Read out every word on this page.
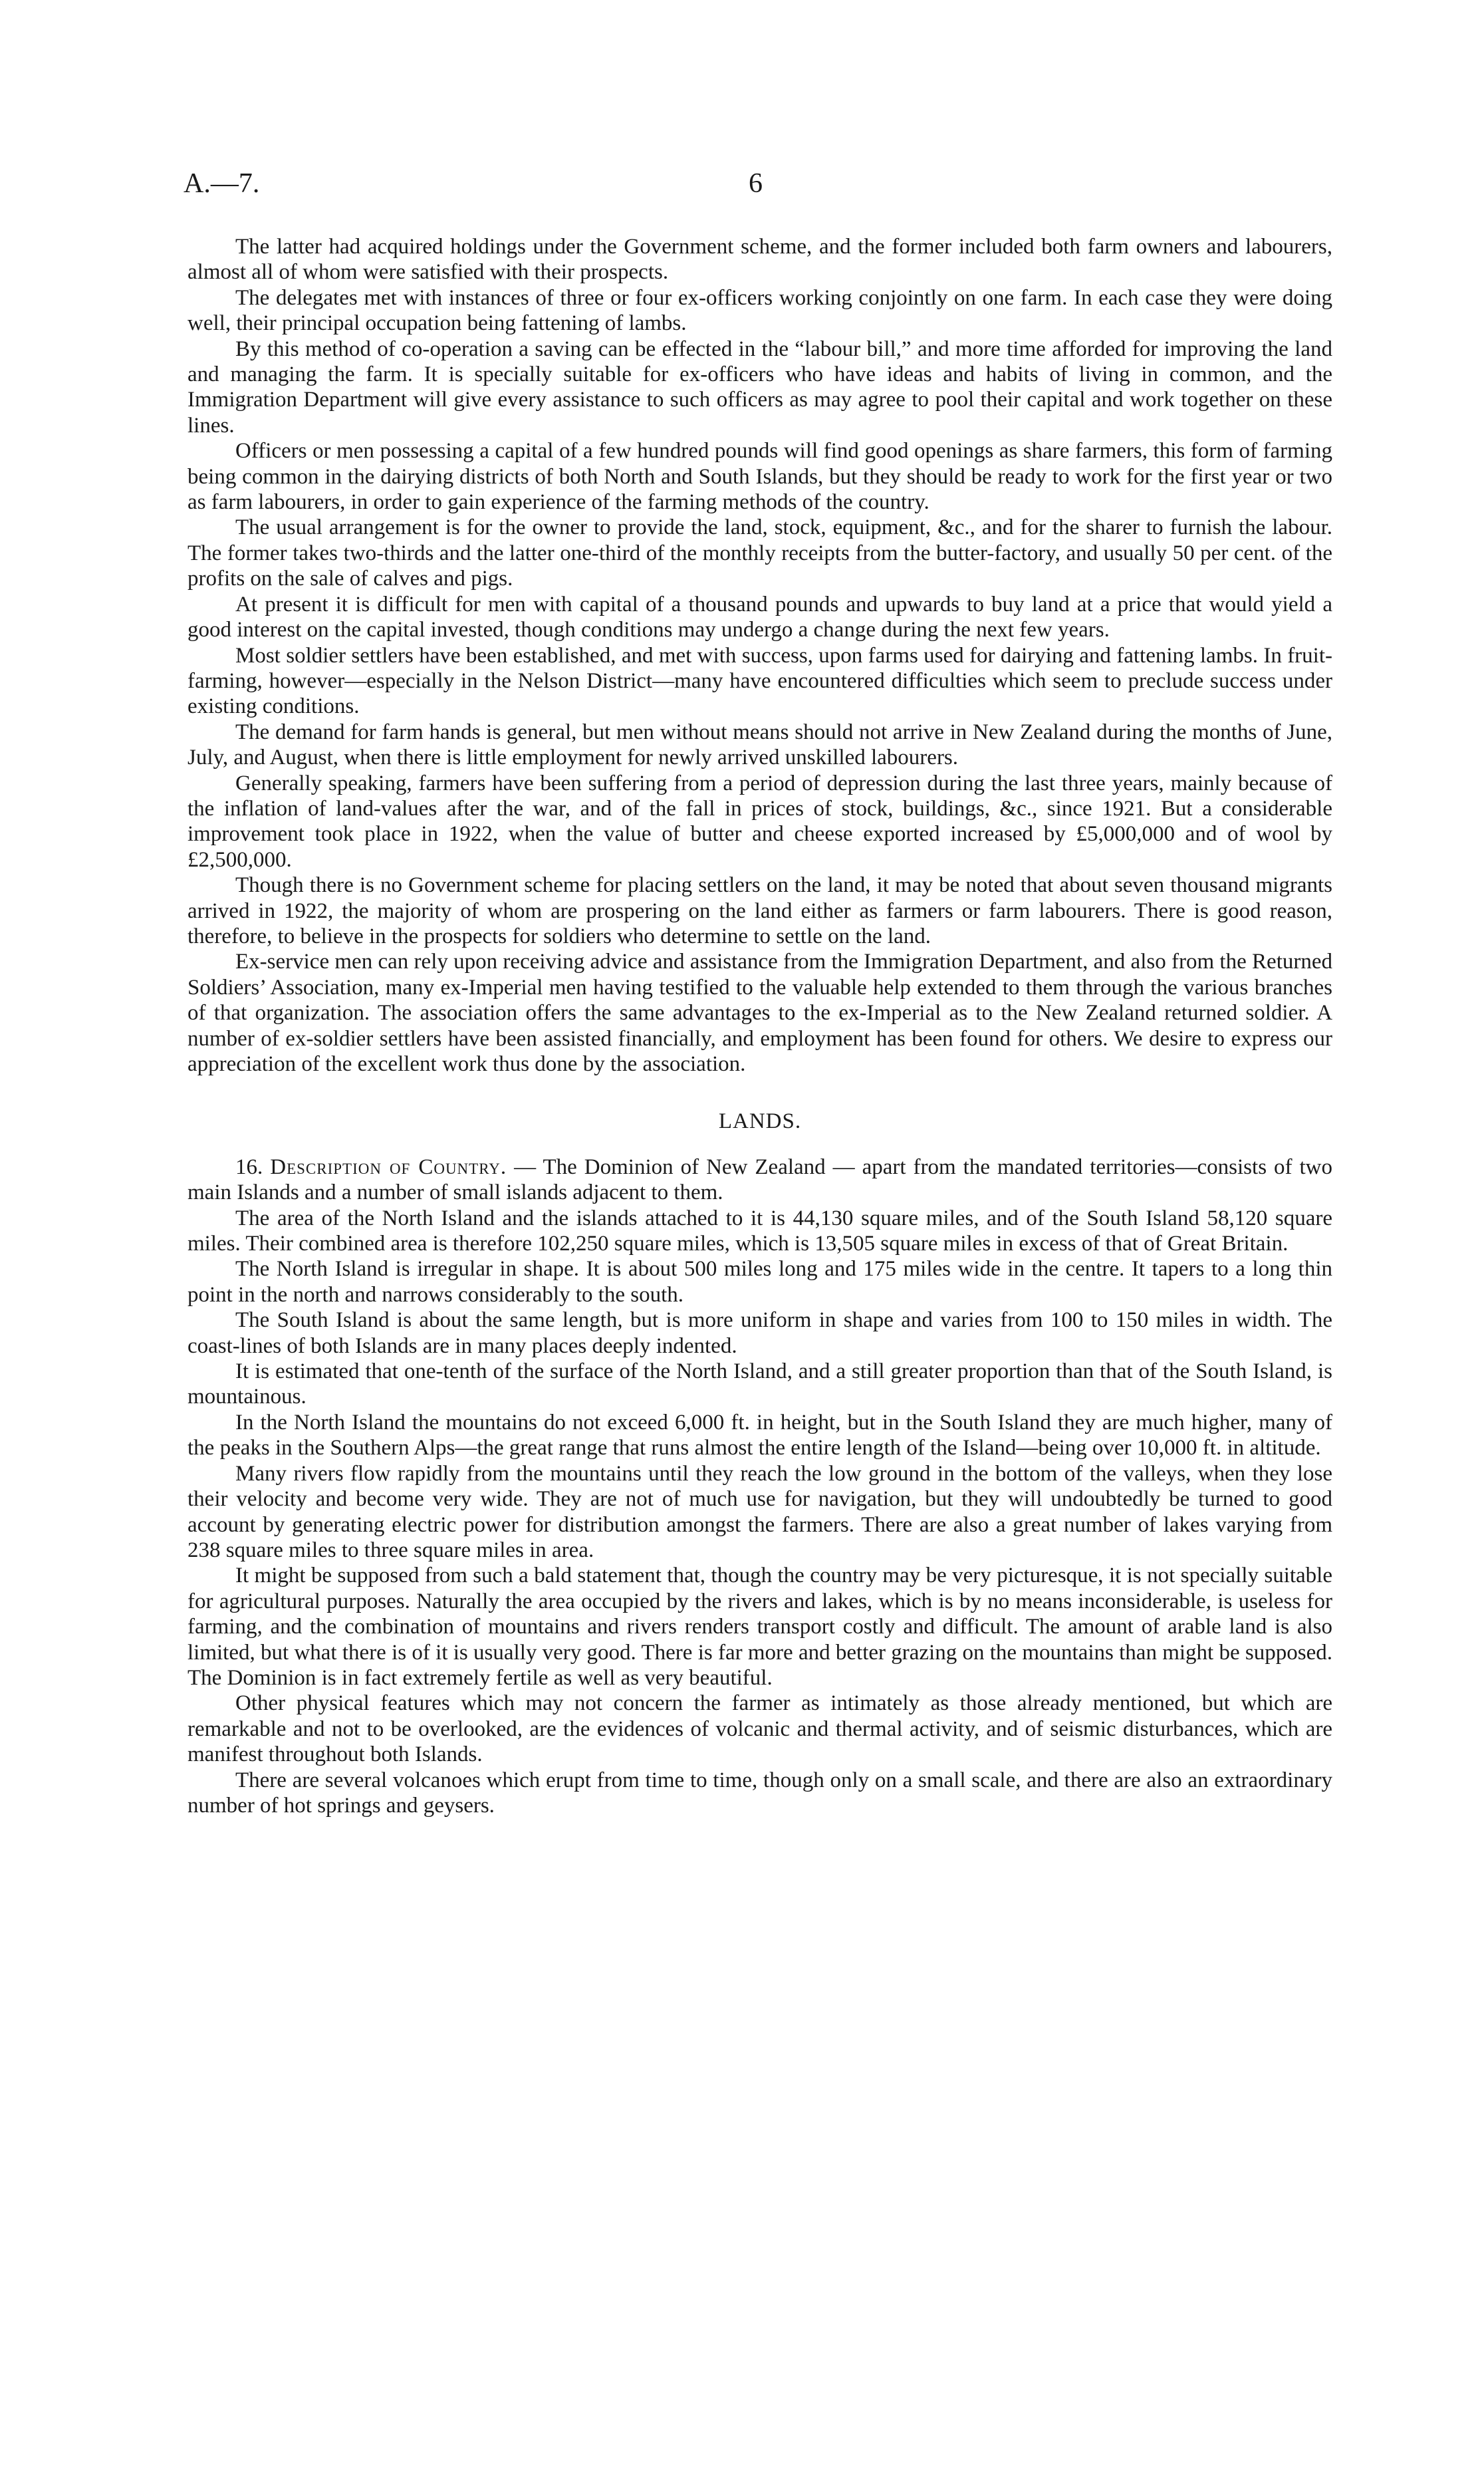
A.—7.	6

The latter had acquired holdings under the Government scheme, and the former included both farm owners and labourers, almost all of whom were satisfied with their prospects.

The delegates met with instances of three or four ex-officers working conjointly on one farm. In each case they were doing well, their principal occupation being fattening of lambs.

By this method of co-operation a saving can be effected in the “labour bill,” and more time afforded for improving the land and managing the farm. It is specially suitable for ex-officers who have ideas and habits of living in common, and the Immigration Department will give every assistance to such officers as may agree to pool their capital and work together on these lines.

Officers or men possessing a capital of a few hundred pounds will find good openings as share farmers, this form of farming being common in the dairying districts of both North and South Islands, but they should be ready to work for the first year or two as farm labourers, in order to gain experience of the farming methods of the country.

The usual arrangement is for the owner to provide the land, stock, equipment, &c., and for the sharer to furnish the labour. The former takes two-thirds and the latter one-third of the monthly receipts from the butter-factory, and usually 50 per cent. of the profits on the sale of calves and pigs.

At present it is difficult for men with capital of a thousand pounds and upwards to buy land at a price that would yield a good interest on the capital invested, though conditions may undergo a change during the next few years.

Most soldier settlers have been established, and met with success, upon farms used for dairying and fattening lambs. In fruit-farming, however—especially in the Nelson District—many have encountered difficulties which seem to preclude success under existing conditions.

The demand for farm hands is general, but men without means should not arrive in New Zealand during the months of June, July, and August, when there is little employment for newly arrived unskilled labourers.

Generally speaking, farmers have been suffering from a period of depression during the last three years, mainly because of the inflation of land-values after the war, and of the fall in prices of stock, buildings, &c., since 1921. But a considerable improvement took place in 1922, when the value of butter and cheese exported increased by £5,000,000 and of wool by £2,500,000.

Though there is no Government scheme for placing settlers on the land, it may be noted that about seven thousand migrants arrived in 1922, the majority of whom are prospering on the land either as farmers or farm labourers. There is good reason, therefore, to believe in the prospects for soldiers who determine to settle on the land.

Ex-service men can rely upon receiving advice and assistance from the Immigration Department, and also from the Returned Soldiers’ Association, many ex-Imperial men having testified to the valuable help extended to them through the various branches of that organization. The association offers the same advantages to the ex-Imperial as to the New Zealand returned soldier. A number of ex-soldier settlers have been assisted financially, and employment has been found for others. We desire to express our appreciation of the excellent work thus done by the association.

LANDS.

16. Description of Country. — The Dominion of New Zealand — apart from the mandated territories—consists of two main Islands and a number of small islands adjacent to them.

The area of the North Island and the islands attached to it is 44,130 square miles, and of the South Island 58,120 square miles. Their combined area is therefore 102,250 square miles, which is 13,505 square miles in excess of that of Great Britain.

The North Island is irregular in shape. It is about 500 miles long and 175 miles wide in the centre. It tapers to a long thin point in the north and narrows considerably to the south.

The South Island is about the same length, but is more uniform in shape and varies from 100 to 150 miles in width. The coast-lines of both Islands are in many places deeply indented.

It is estimated that one-tenth of the surface of the North Island, and a still greater proportion than that of the South Island, is mountainous.

In the North Island the mountains do not exceed 6,000 ft. in height, but in the South Island they are much higher, many of the peaks in the Southern Alps—the great range that runs almost the entire length of the Island—being over 10,000 ft. in altitude.

Many rivers flow rapidly from the mountains until they reach the low ground in the bottom of the valleys, when they lose their velocity and become very wide. They are not of much use for navigation, but they will undoubtedly be turned to good account by generating electric power for distribution amongst the farmers. There are also a great number of lakes varying from 238 square miles to three square miles in area.

It might be supposed from such a bald statement that, though the country may be very picturesque, it is not specially suitable for agricultural purposes. Naturally the area occupied by the rivers and lakes, which is by no means inconsiderable, is useless for farming, and the combination of mountains and rivers renders transport costly and difficult. The amount of arable land is also limited, but what there is of it is usually very good. There is far more and better grazing on the mountains than might be supposed. The Dominion is in fact extremely fertile as well as very beautiful.

Other physical features which may not concern the farmer as intimately as those already mentioned, but which are remarkable and not to be overlooked, are the evidences of volcanic and thermal activity, and of seismic disturbances, which are manifest throughout both Islands.

There are several volcanoes which erupt from time to time, though only on a small scale, and there are also an extraordinary number of hot springs and geysers.
